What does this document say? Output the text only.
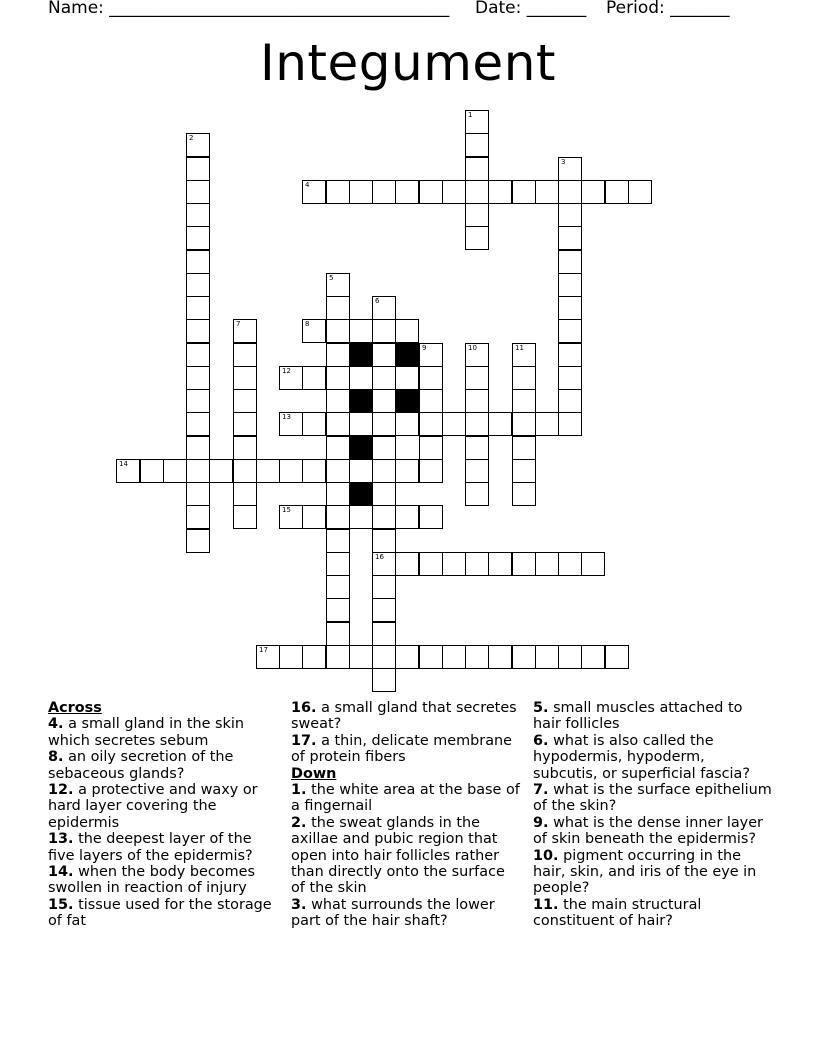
Name: ________________________________________ Date: _______ Period: _______
Integument
4
8
12
13
14
15
16
17
1
2
3
5
6
7
9	10	11
Across
4. a small gland in the skin which secretes sebum
8. an oily secretion of the sebaceous glands?
12. a protective and waxy or hard layer covering the epidermis
13. the deepest layer of the five layers of the epidermis?
14. when the body becomes swollen in reaction of injury
15. tissue used for the storage of fat
16. a small gland that secretes sweat?
17. a thin, delicate membrane of protein fibers
Down
1. the white area at the base of a fingernail
2. the sweat glands in the axillae and pubic region that open into hair follicles rather than directly onto the surface of the skin
3. what surrounds the lower part of the hair shaft?
5. small muscles attached to hair follicles
6. what is also called the hypodermis, hypoderm, subcutis, or superficial fascia?
7. what is the surface epithelium of the skin?
9. what is the dense inner layer of skin beneath the epidermis?
10. pigment occurring in the hair, skin, and iris of the eye in people?
11. the main structural constituent of hair?
